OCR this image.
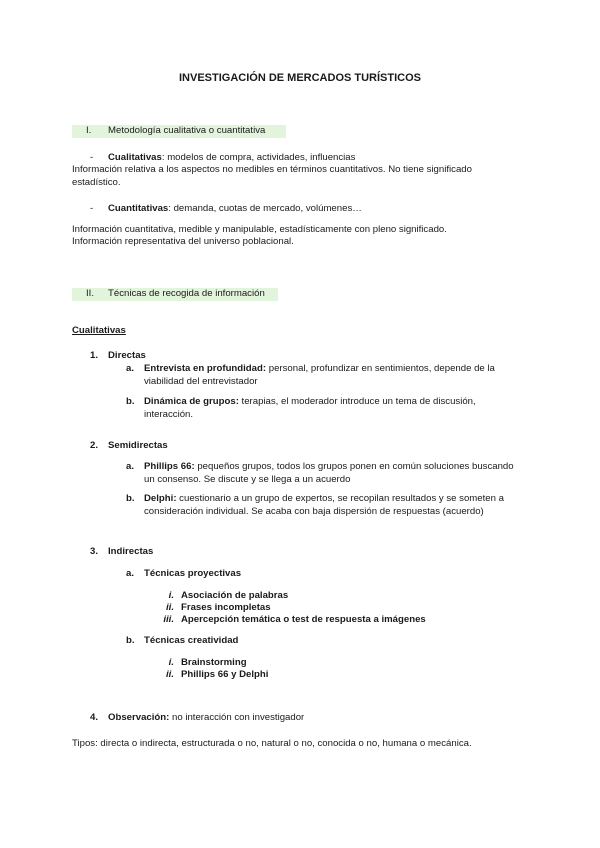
INVESTIGACIÓN DE MERCADOS TURÍSTICOS
I. Metodología cualitativa o cuantitativa
- Cualitativas: modelos de compra, actividades, influencias
Información relativa a los aspectos no medibles en términos cuantitativos. No tiene significado estadístico.
- Cuantitativas: demanda, cuotas de mercado, volúmenes…
Información cuantitativa, medible y manipulable, estadísticamente con pleno significado.
Información representativa del universo poblacional.
II. Técnicas de recogida de información
Cualitativas
1. Directas
a. Entrevista en profundidad: personal, profundizar en sentimientos, depende de la viabilidad del entrevistador
b. Dinámica de grupos: terapias, el moderador introduce un tema de discusión, interacción.
2. Semidirectas
a. Phillips 66: pequeños grupos, todos los grupos ponen en común soluciones buscando un consenso. Se discute y se llega a un acuerdo
b. Delphi: cuestionario a un grupo de expertos, se recopilan resultados y se someten a consideración individual. Se acaba con baja dispersión de respuestas (acuerdo)
3. Indirectas
a. Técnicas proyectivas
i. Asociación de palabras
ii. Frases incompletas
iii. Apercepción temática o test de respuesta a imágenes
b. Técnicas creatividad
i. Brainstorming
ii. Phillips 66 y Delphi
4. Observación: no interacción con investigador
Tipos: directa o indirecta, estructurada o no, natural o no, conocida o no, humana o mecánica.
